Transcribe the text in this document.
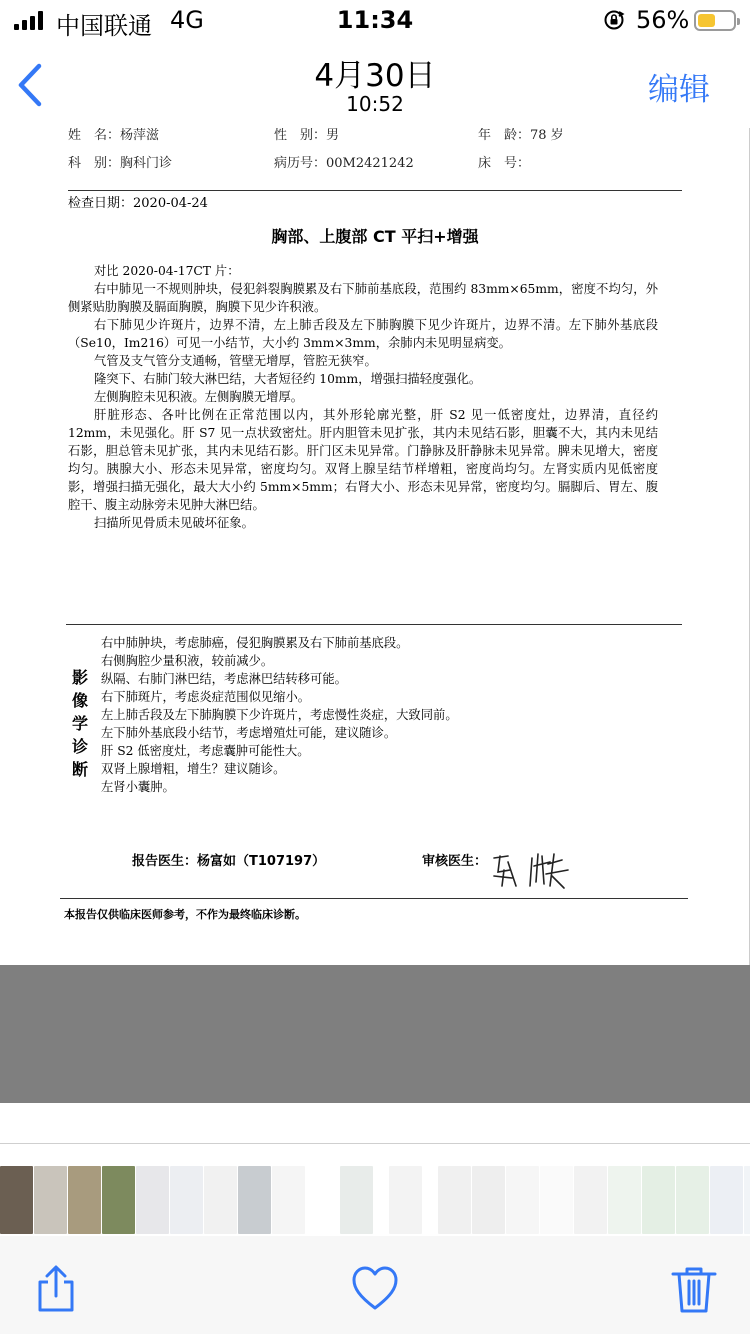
中国联通 4G	11:34	56%
4月30日
10:52	编辑
姓　名：杨萍滋	性　别：男	年　龄：78 岁
科　别：胸科门诊	病历号：00M2421242	床　号：
检查日期：2020-04-24
胸部、上腹部 CT 平扫+增强

对比 2020-04-17CT 片：

右中肺见一不规则肿块，侵犯斜裂胸膜累及右下肺前基底段，范围约 83mm×65mm，密度不均匀，外侧紧贴肋胸膜及膈面胸膜，胸膜下见少许积液。

右下肺见少许斑片，边界不清，左上肺舌段及左下肺胸膜下见少许斑片，边界不清。左下肺外基底段（Se10，Im216）可见一小结节，大小约 3mm×3mm，余肺内未见明显病变。

气管及支气管分支通畅，管壁无增厚，管腔无狭窄。

隆突下、右肺门较大淋巴结，大者短径约 10mm，增强扫描轻度强化。

左侧胸腔未见积液。左侧胸膜无增厚。

肝脏形态、各叶比例在正常范围以内，其外形轮廓光整，肝 S2 见一低密度灶，边界清，直径约 12mm，未见强化。肝 S7 见一点状致密灶。肝内胆管未见扩张，其内未见结石影，胆囊不大，其内未见结石影，胆总管未见扩张，其内未见结石影。肝门区未见异常。门静脉及肝静脉未见异常。脾未见增大，密度均匀。胰腺大小、形态未见异常，密度均匀。双肾上腺呈结节样增粗，密度尚均匀。左肾实质内见低密度影，增强扫描无强化，最大大小约 5mm×5mm；右肾大小、形态未见异常，密度均匀。膈脚后、胃左、腹腔干、腹主动脉旁未见肿大淋巴结。

扫描所见骨质未见破坏征象。

影像学诊断
右中肺肿块，考虑肺癌，侵犯胸膜累及右下肺前基底段。
右侧胸腔少量积液，较前减少。
纵隔、右肺门淋巴结，考虑淋巴结转移可能。
右下肺斑片，考虑炎症范围似见缩小。
左上肺舌段及左下肺胸膜下少许斑片，考虑慢性炎症，大致同前。
左下肺外基底段小结节，考虑增殖灶可能，建议随诊。
肝 S2 低密度灶，考虑囊肿可能性大。
双肾上腺增粗，增生？建议随诊。
左肾小囊肿。
报告医生：杨富如（T107197）	审核医生：
本报告仅供临床医师参考，不作为最终临床诊断。
